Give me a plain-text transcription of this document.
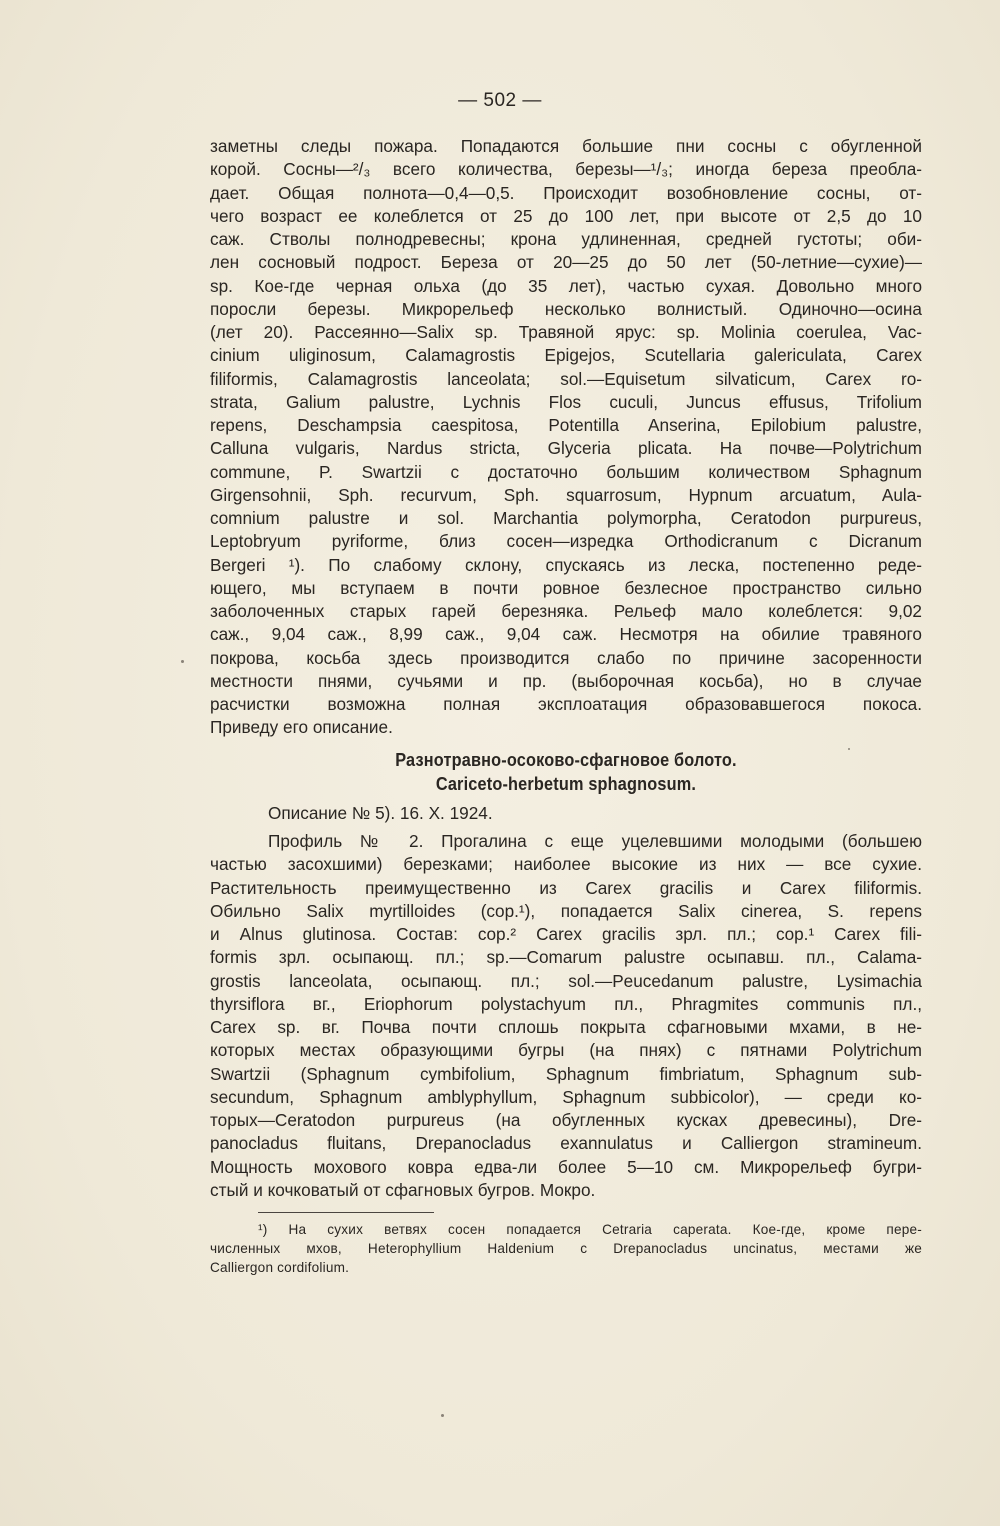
— 502 —
заметны следы пожара. Попадаются большие пни сосны с обугленной
корой. Сосны—²/₃ всего количества, березы—¹/₃; иногда береза преобла-
дает. Общая полнота—0,4—0,5. Происходит возобновление сосны, от-
чего возраст ее колеблется от 25 до 100 лет, при высоте от 2,5 до 10
саж. Стволы полнодревесны; крона удлиненная, средней густоты; оби-
лен сосновый подрост. Береза от 20—25 до 50 лет (50-летние—сухие)—
sp. Кое-где черная ольха (до 35 лет), частью сухая. Довольно много
поросли березы. Микрорельеф несколько волнистый. Одиночно—осина
(лет 20). Рассеянно—Salix sp. Травяной ярус: sp. Molinia coerulea, Vac-
cinium uliginosum, Calamagrostis Epigejos, Scutellaria galericulata, Carex
filiformis, Calamagrostis lanceolata; sol.—Equisetum silvaticum, Carex ro-
strata, Galium palustre, Lychnis Flos cuculi, Juncus effusus, Trifolium
repens, Deschampsia caespitosa, Potentilla Anserina, Epilobium palustre,
Calluna vulgaris, Nardus stricta, Glyceria plicata. На почве—Polytrichum
commune, P. Swartzii с достаточно большим количеством Sphagnum
Girgensohnii, Sph. recurvum, Sph. squarrosum, Hypnum arcuatum, Aula-
comnium palustre и sol. Marchantia polymorpha, Ceratodon purpureus,
Leptobryum pyriforme, близ сосен—изредка Orthodicranum с Dicranum
Bergeri ¹). По слабому склону, спускаясь из леска, постепенно реде-
ющего, мы вступаем в почти ровное безлесное пространство сильно
заболоченных старых гарей березняка. Рельеф мало колеблется: 9,02
саж., 9,04 саж., 8,99 саж., 9,04 саж. Несмотря на обилие травяного
покрова, косьба здесь производится слабо по причине засоренности
местности пнями, сучьями и пр. (выборочная косьба), но в случае
расчистки возможна полная эксплоатация образовавшегося покоса.
Приведу его описание.
Разнотравно-осоково-сфагновое болото.
Cariceto-herbetum sphagnosum.
Описание № 5). 16. X. 1924.
Профиль № 2. Прогалина с еще уцелевшими молодыми (большею
частью засохшими) березками; наиболее высокие из них — все сухие.
Растительность преимущественно из Carex gracilis и Carex filiformis.
Обильно Salix myrtilloides (cop.¹), попадается Salix cinerea, S. repens
и Alnus glutinosa. Состав: cop.² Carex gracilis зрл. пл.; cop.¹ Carex fili-
formis зрл. осыпающ. пл.; sp.—Comarum palustre осыпавш. пл., Calama-
grostis lanceolata, осыпающ. пл.; sol.—Peucedanum palustre, Lysimachia
thyrsiflora вг., Eriophorum polystachyum пл., Phragmites communis пл.,
Carex sp. вг. Почва почти сплошь покрыта сфагновыми мхами, в не-
которых местах образующими бугры (на пнях) с пятнами Polytrichum
Swartzii (Sphagnum cymbifolium, Sphagnum fimbriatum, Sphagnum sub-
secundum, Sphagnum amblyphyllum, Sphagnum subbicolor), — среди ко-
торых—Ceratodon purpureus (на обугленных кусках древесины), Dre-
panocladus fluitans, Drepanocladus exannulatus и Calliergon stramineum.
Мощность мохового ковра едва-ли более 5—10 см. Микрорельеф бугри-
стый и кочковатый от сфагновых бугров. Мокро.
¹) На сухих ветвях сосен попадается Cetraria caperata. Кое-где, кроме пере-
численных мхов, Heterophyllium Haldenium с Drepanocladus uncinatus, местами же
Calliergon cordifolium.
